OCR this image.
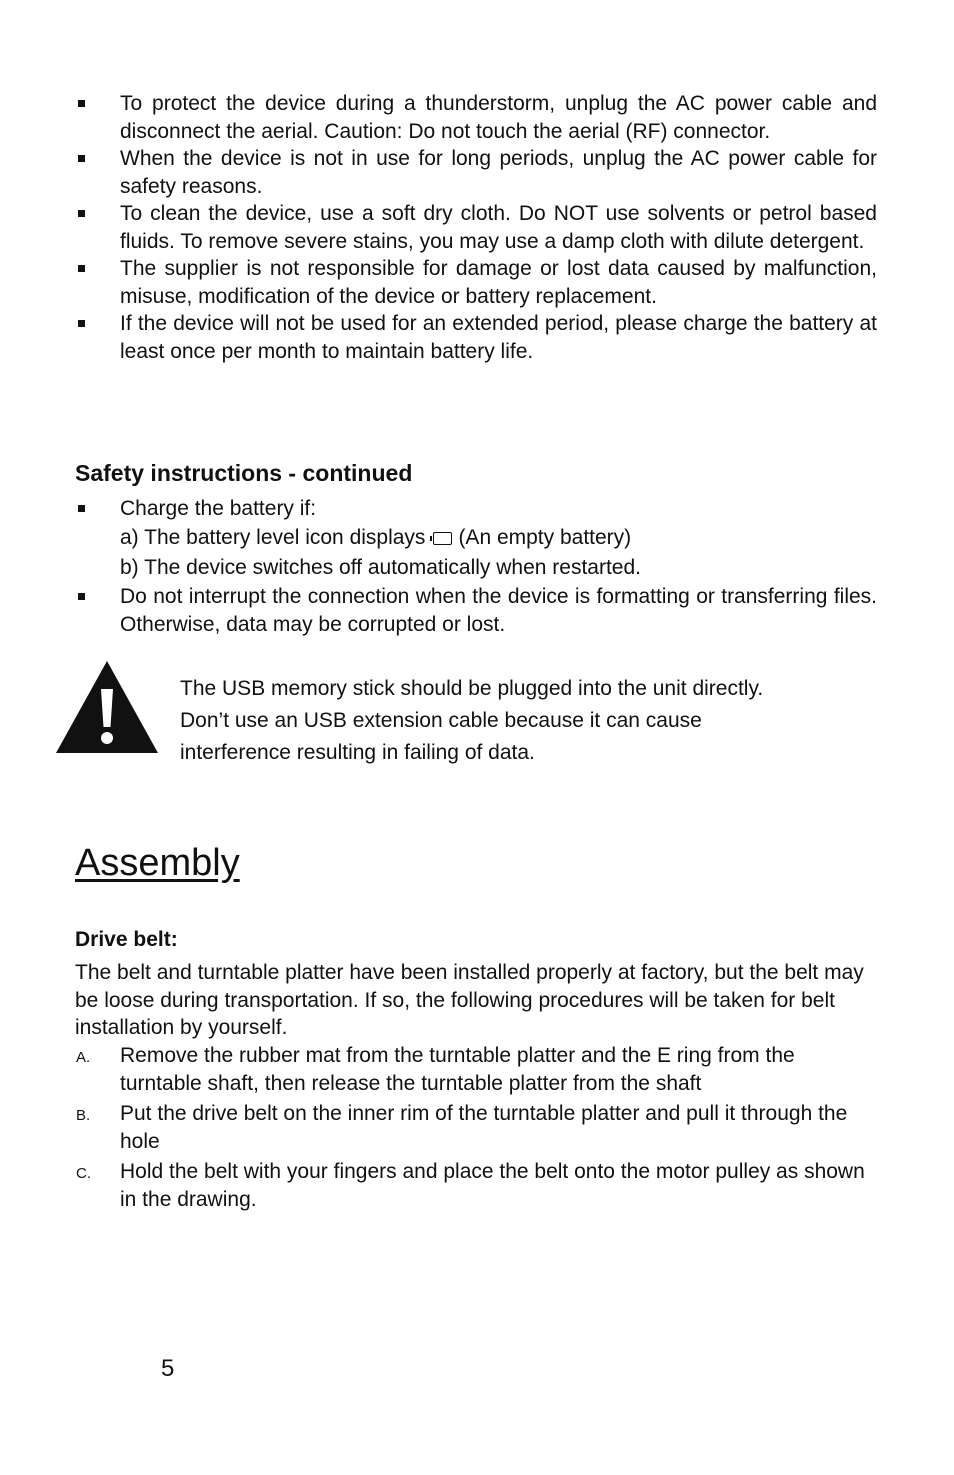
To protect the device during a thunderstorm, unplug the AC power cable and disconnect the aerial. Caution: Do not touch the aerial (RF) connector.
When the device is not in use for long periods, unplug the AC power cable for safety reasons.
To clean the device, use a soft dry cloth. Do NOT use solvents or petrol based fluids. To remove severe stains, you may use a damp cloth with dilute detergent.
The supplier is not responsible for damage or lost data caused by malfunction, misuse, modification of the device or battery replacement.
If the device will not be used for an extended period, please charge the battery at least once per month to maintain battery life.
Safety instructions - continued
Charge the battery if:
a) The battery level icon displays (An empty battery)
b) The device switches off automatically when restarted.
Do not interrupt the connection when the device is formatting or transferring files. Otherwise, data may be corrupted or lost.

The USB memory stick should be plugged into the unit directly.
Don’t use an USB extension cable because it can cause
interference resulting in failing of data.

Assembly
Drive belt:

The belt and turntable platter have been installed properly at factory, but the belt may be loose during transportation. If so, the following procedures will be taken for belt installation by yourself.

A. Remove the rubber mat from the turntable platter and the E ring from the turntable shaft, then release the turntable platter from the shaft
B. Put the drive belt on the inner rim of the turntable platter and pull it through the hole
C. Hold the belt with your fingers and place the belt onto the motor pulley as shown in the drawing.

5
